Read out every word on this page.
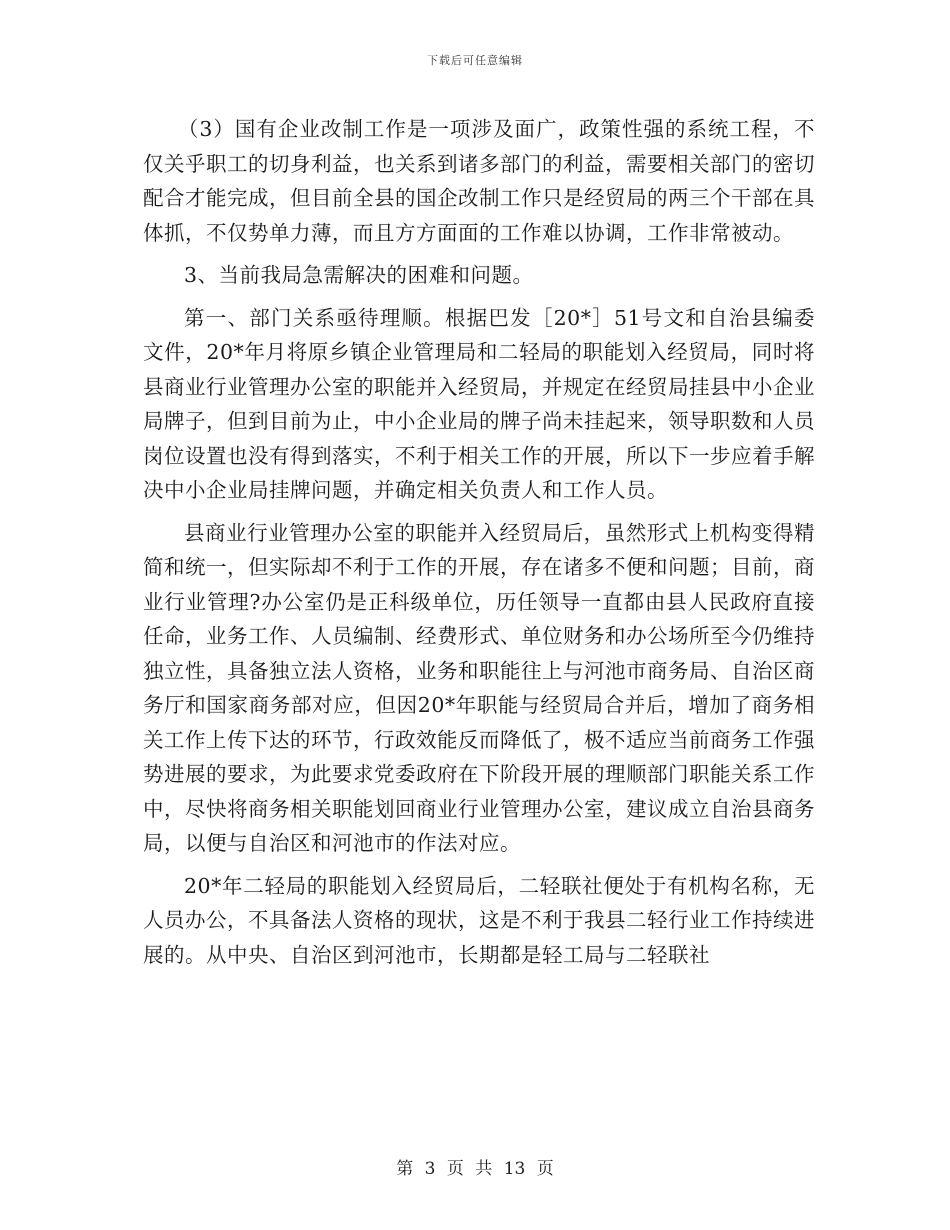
下载后可任意编辑

（3）国有企业改制工作是一项涉及面广，政策性强的系统工程，不仅关乎职工的切身利益，也关系到诸多部门的利益，需要相关部门的密切配合才能完成，但目前全县的国企改制工作只是经贸局的两三个干部在具体抓，不仅势单力薄，而且方方面面的工作难以协调，工作非常被动。

3、当前我局急需解决的困难和问题。

第一、部门关系亟待理顺。根据巴发［20*］51号文和自治县编委文件，20*年月将原乡镇企业管理局和二轻局的职能划入经贸局，同时将县商业行业管理办公室的职能并入经贸局，并规定在经贸局挂县中小企业局牌子，但到目前为止，中小企业局的牌子尚未挂起来，领导职数和人员岗位设置也没有得到落实，不利于相关工作的开展，所以下一步应着手解决中小企业局挂牌问题，并确定相关负责人和工作人员。

县商业行业管理办公室的职能并入经贸局后，虽然形式上机构变得精简和统一，但实际却不利于工作的开展，存在诸多不便和问题；目前，商业行业管理?办公室仍是正科级单位，历任领导一直都由县人民政府直接任命，业务工作、人员编制、经费形式、单位财务和办公场所至今仍维持独立性，具备独立法人资格，业务和职能往上与河池市商务局、自治区商务厅和国家商务部对应，但因20*年职能与经贸局合并后，增加了商务相关工作上传下达的环节，行政效能反而降低了，极不适应当前商务工作强势进展的要求，为此要求党委政府在下阶段开展的理顺部门职能关系工作中，尽快将商务相关职能划回商业行业管理办公室，建议成立自治县商务局，以便与自治区和河池市的作法对应。

20*年二轻局的职能划入经贸局后，二轻联社便处于有机构名称，无人员办公，不具备法人资格的现状，这是不利于我县二轻行业工作持续进展的。从中央、自治区到河池市，长期都是轻工局与二轻联社

第 3 页 共 13 页
